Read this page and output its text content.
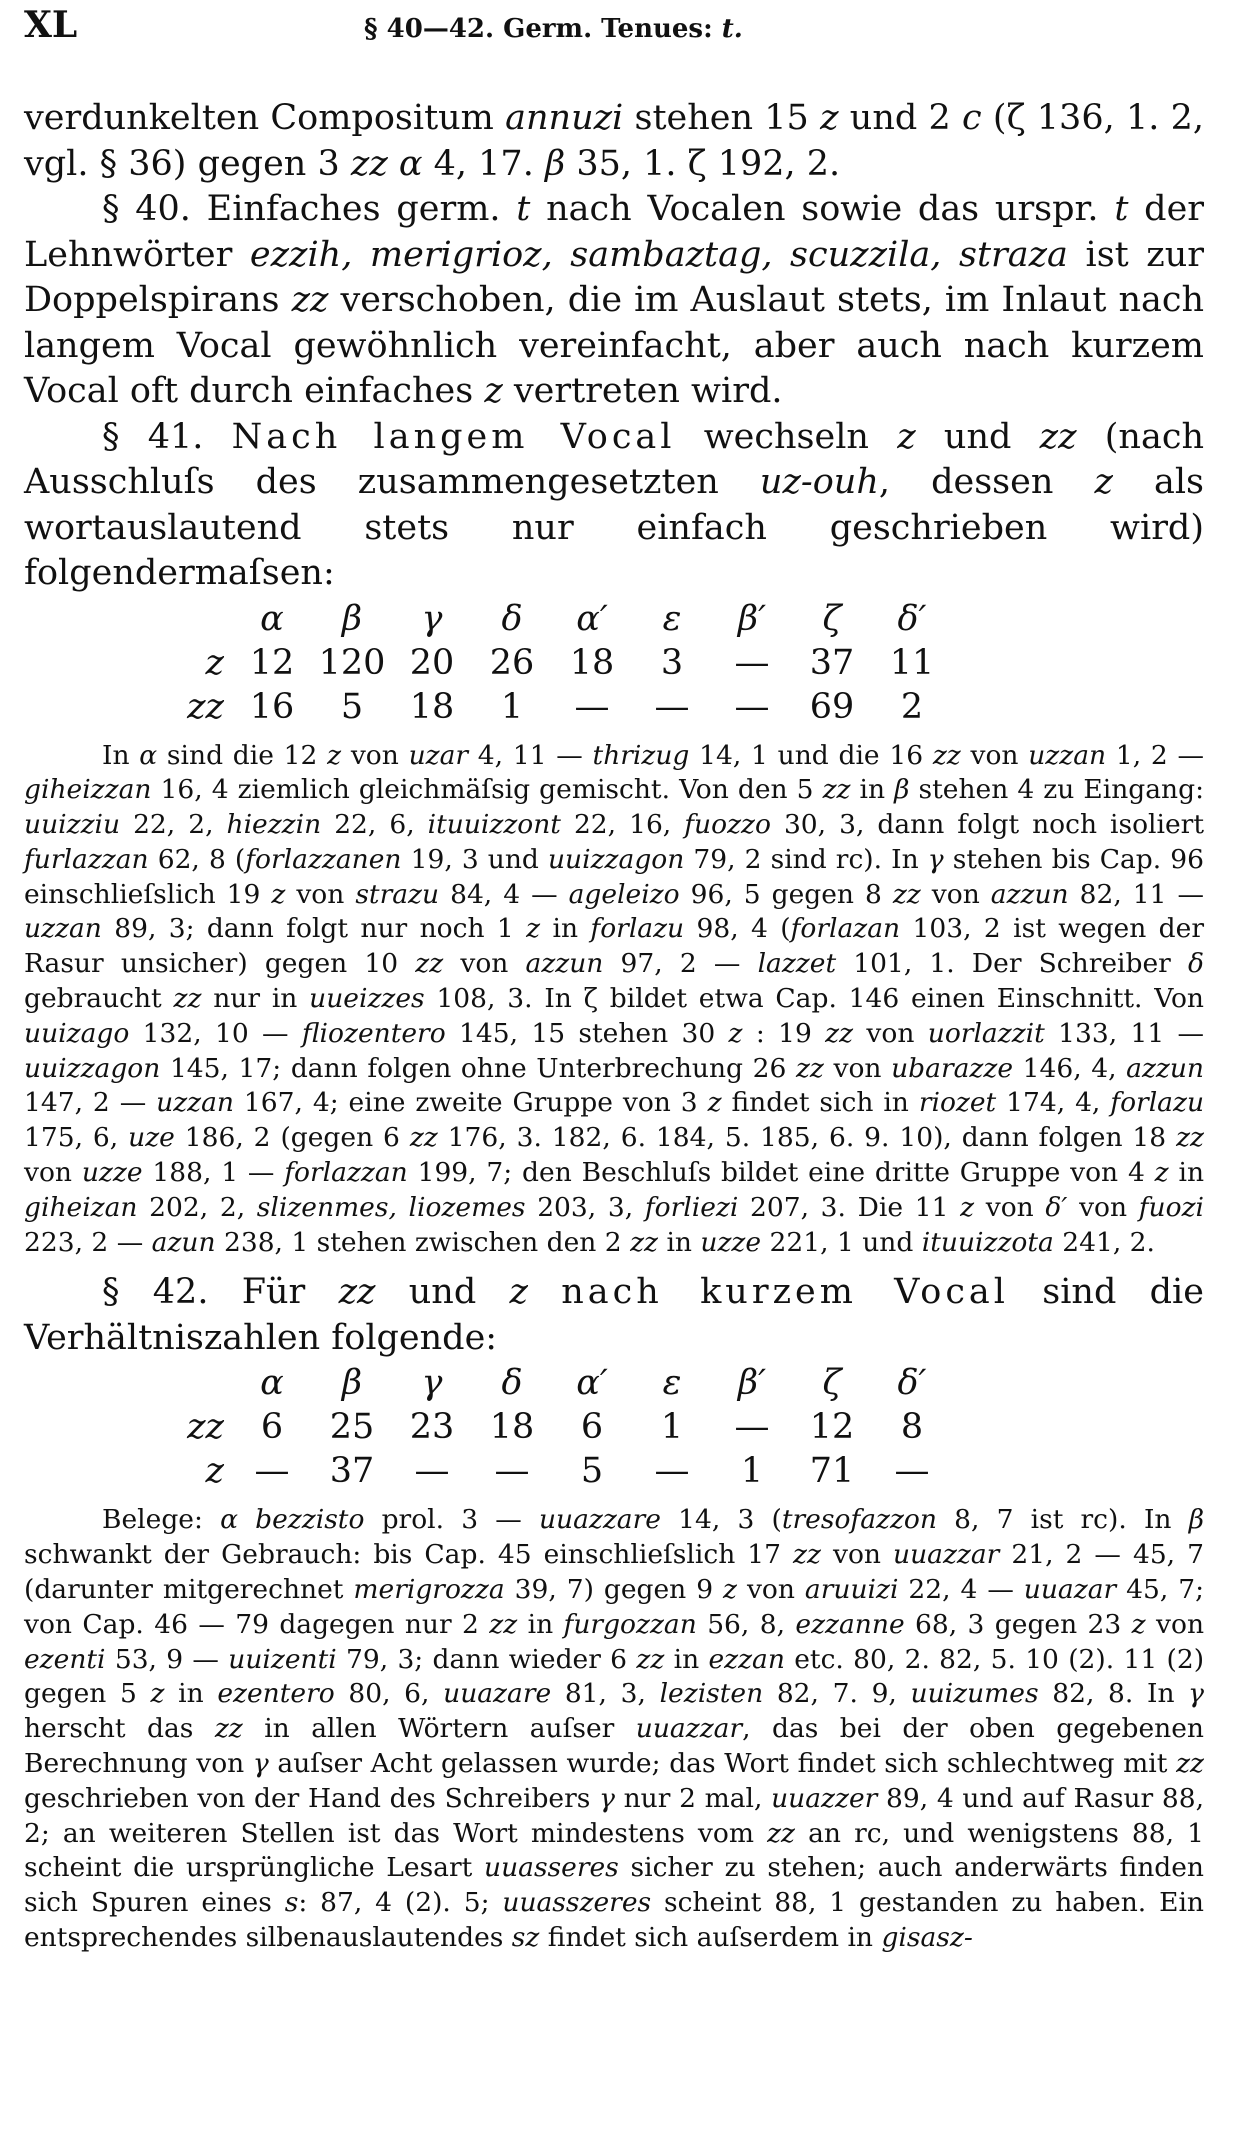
XL	§ 40—42. Germ. Tenues: t.

verdunkelten Compositum annuzi stehen 15 z und 2 c (ζ 136, 1. 2, vgl. § 36) gegen 3 zz α 4, 17. β 35, 1. ζ 192, 2.

§ 40. Einfaches germ. t nach Vocalen sowie das urspr. t der Lehnwörter ezzih, merigrioz, sambaztag, scuzzila, straza ist zur Doppelspirans zz verschoben, die im Auslaut stets, im Inlaut nach langem Vocal gewöhnlich vereinfacht, aber auch nach kurzem Vocal oft durch einfaches z vertreten wird.

§ 41. Nach langem Vocal wechseln z und zz (nach Ausschluſs des zusammengesetzten uz-ouh, dessen z als wortauslautend stets nur einfach geschrieben wird) folgendermaſsen:

	α	β	γ	δ	α′	ε	β′	ζ	δ′
z	12	120	20	26	18	3	—	37	11
zz	16	5	18	1	—	—	—	69	2

In α sind die 12 z von uzar 4, 11 — thrizug 14, 1 und die 16 zz von uzzan 1, 2 — giheizzan 16, 4 ziemlich gleichmäſsig gemischt. Von den 5 zz in β stehen 4 zu Eingang: uuizziu 22, 2, hiezzin 22, 6, ituuizzont 22, 16, fuozzo 30, 3, dann folgt noch isoliert furlazzan 62, 8 (forlazzanen 19, 3 und uuizzagon 79, 2 sind rc). In γ stehen bis Cap. 96 einschlieſslich 19 z von strazu 84, 4 — ageleizo 96, 5 gegen 8 zz von azzun 82, 11 — uzzan 89, 3; dann folgt nur noch 1 z in forlazu 98, 4 (forlazan 103, 2 ist wegen der Rasur unsicher) gegen 10 zz von azzun 97, 2 — lazzet 101, 1. Der Schreiber δ gebraucht zz nur in uueizzes 108, 3. In ζ bildet etwa Cap. 146 einen Einschnitt. Von uuizago 132, 10 — fliozentero 145, 15 stehen 30 z : 19 zz von uorlazzit 133, 11 — uuizzagon 145, 17; dann folgen ohne Unterbrechung 26 zz von ubarazze 146, 4, azzun 147, 2 — uzzan 167, 4; eine zweite Gruppe von 3 z findet sich in riozet 174, 4, forlazu 175, 6, uze 186, 2 (gegen 6 zz 176, 3. 182, 6. 184, 5. 185, 6. 9. 10), dann folgen 18 zz von uzze 188, 1 — forlazzan 199, 7; den Beschluſs bildet eine dritte Gruppe von 4 z in giheizan 202, 2, slizenmes, liozemes 203, 3, forliezi 207, 3. Die 11 z von δ′ von fuozi 223, 2 — azun 238, 1 stehen zwischen den 2 zz in uzze 221, 1 und ituuizzota 241, 2.

§ 42. Für zz und z nach kurzem Vocal sind die Verhältniszahlen folgende:

	α	β	γ	δ	α′	ε	β′	ζ	δ′
zz	6	25	23	18	6	1	—	12	8
z	—	37	—	—	5	—	1	71	—

Belege: α bezzisto prol. 3 — uuazzare 14, 3 (tresofazzon 8, 7 ist rc). In β schwankt der Gebrauch: bis Cap. 45 einschlieſslich 17 zz von uuazzar 21, 2 — 45, 7 (darunter mitgerechnet merigrozza 39, 7) gegen 9 z von aruuizi 22, 4 — uuazar 45, 7; von Cap. 46 — 79 dagegen nur 2 zz in furgozzan 56, 8, ezzanne 68, 3 gegen 23 z von ezenti 53, 9 — uuizenti 79, 3; dann wieder 6 zz in ezzan etc. 80, 2. 82, 5. 10 (2). 11 (2) gegen 5 z in ezentero 80, 6, uuazare 81, 3, lezisten 82, 7. 9, uuizumes 82, 8. In γ herscht das zz in allen Wörtern auſser uuazzar, das bei der oben gegebenen Berechnung von γ auſser Acht gelassen wurde; das Wort findet sich schlechtweg mit zz geschrieben von der Hand des Schreibers γ nur 2 mal, uuazzer 89, 4 und auf Rasur 88, 2; an weiteren Stellen ist das Wort mindestens vom zz an rc, und wenigstens 88, 1 scheint die ursprüngliche Lesart uuasseres sicher zu stehen; auch anderwärts finden sich Spuren eines s: 87, 4 (2). 5; uuasszeres scheint 88, 1 gestanden zu haben. Ein entsprechendes silbenauslautendes sz findet sich auſserdem in gisasz-
